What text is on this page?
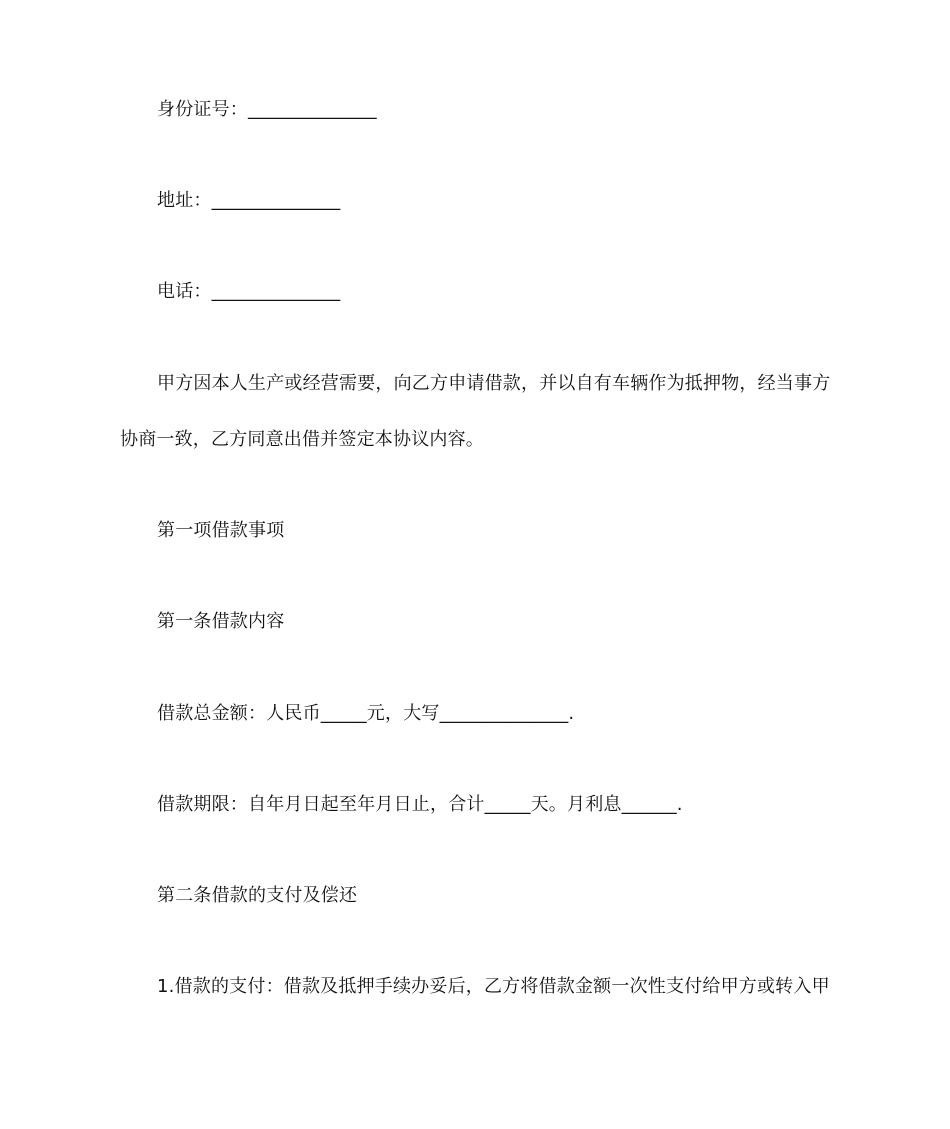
身份证号：______________
地址：______________
电话：______________
甲方因本人生产或经营需要，向乙方申请借款，并以自有车辆作为抵押物，经当事方
协商一致，乙方同意出借并签定本协议内容。
第一项借款事项
第一条借款内容
借款总金额：人民币_____元，大写______________.
借款期限：自年月日起至年月日止，合计_____天。月利息______.
第二条借款的支付及偿还
1.借款的支付：借款及抵押手续办妥后，乙方将借款金额一次性支付给甲方或转入甲
